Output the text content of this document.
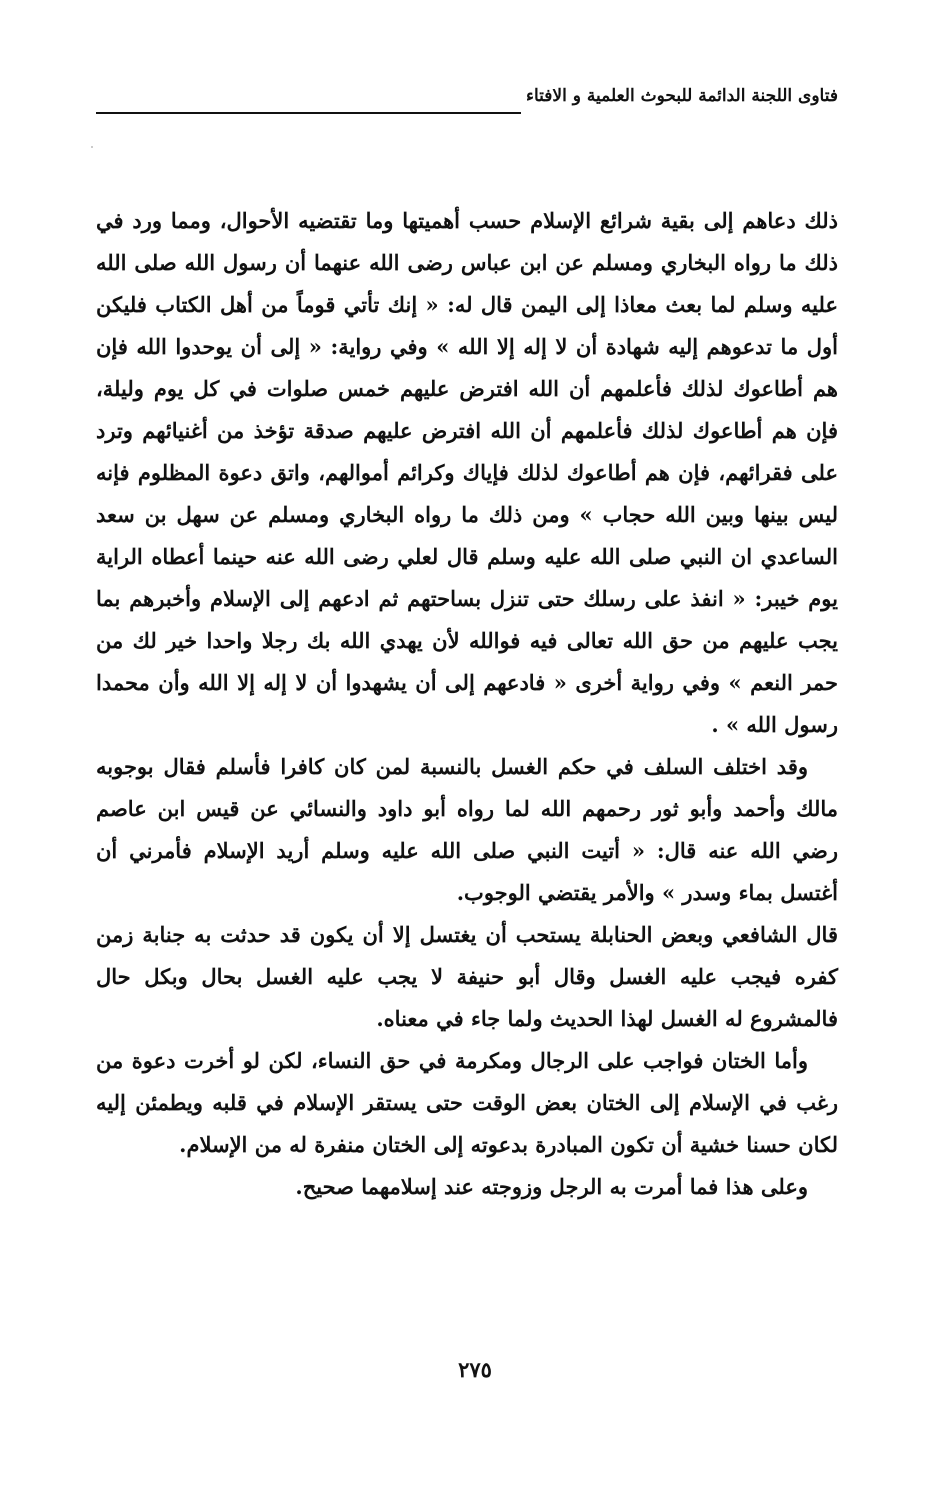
فتاوى اللجنة الدائمة للبحوث العلمية و الافتاء

ذلك دعاهم إلى بقية شرائع الإسلام حسب أهميتها وما تقتضيه الأحوال، ومما ورد في ذلك ما رواه البخاري ومسلم عن ابن عباس رضى الله عنهما أن رسول الله صلى الله عليه وسلم لما بعث معاذا إلى اليمن قال له: « إنك تأتي قوماً من أهل الكتاب فليكن أول ما تدعوهم إليه شهادة أن لا إله إلا الله » وفي رواية: « إلى أن يوحدوا الله فإن هم أطاعوك لذلك فأعلمهم أن الله افترض عليهم خمس صلوات في كل يوم وليلة، فإن هم أطاعوك لذلك فأعلمهم أن الله افترض عليهم صدقة تؤخذ من أغنيائهم وترد على فقرائهم، فإن هم أطاعوك لذلك فإياك وكرائم أموالهم، واتق دعوة المظلوم فإنه ليس بينها وبين الله حجاب » ومن ذلك ما رواه البخاري ومسلم عن سهل بن سعد الساعدي ان النبي صلى الله عليه وسلم قال لعلي رضى الله عنه حينما أعطاه الراية يوم خيبر: « انفذ على رسلك حتى تنزل بساحتهم ثم ادعهم إلى الإسلام وأخبرهم بما يجب عليهم من حق الله تعالى فيه فوالله لأن يهدي الله بك رجلا واحدا خير لك من حمر النعم » وفي رواية أخرى « فادعهم إلى أن يشهدوا أن لا إله إلا الله وأن محمدا رسول الله » .

وقد اختلف السلف في حكم الغسل بالنسبة لمن كان كافرا فأسلم فقال بوجوبه مالك وأحمد وأبو ثور رحمهم الله لما رواه أبو داود والنسائي عن قيس ابن عاصم رضي الله عنه قال: « أتيت النبي صلى الله عليه وسلم أريد الإسلام فأمرني أن أغتسل بماء وسدر » والأمر يقتضي الوجوب.

قال الشافعي وبعض الحنابلة يستحب أن يغتسل إلا أن يكون قد حدثت به جنابة زمن كفره فيجب عليه الغسل وقال أبو حنيفة لا يجب عليه الغسل بحال وبكل حال فالمشروع له الغسل لهذا الحديث ولما جاء في معناه.

وأما الختان فواجب على الرجال ومكرمة في حق النساء، لكن لو أخرت دعوة من رغب في الإسلام إلى الختان بعض الوقت حتى يستقر الإسلام في قلبه ويطمئن إليه لكان حسنا خشية أن تكون المبادرة بدعوته إلى الختان منفرة له من الإسلام.

وعلى هذا فما أمرت به الرجل وزوجته عند إسلامهما صحيح.

٢٧٥
